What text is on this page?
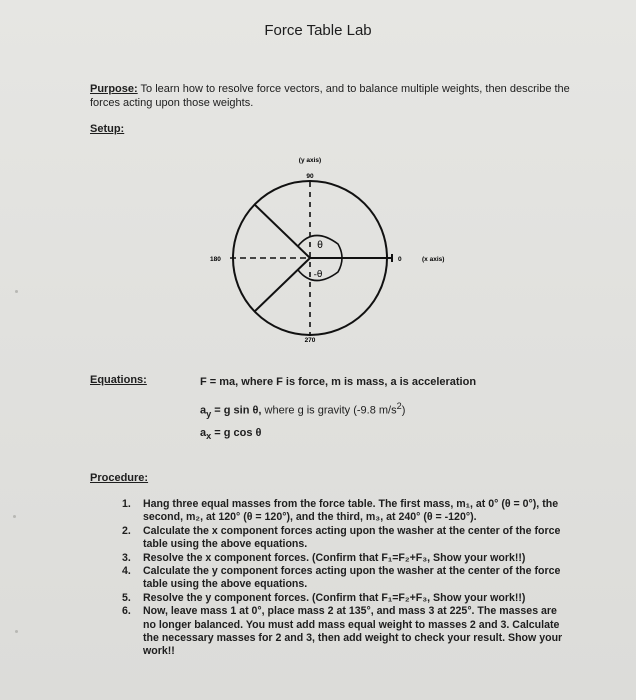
Force Table Lab
Purpose: To learn how to resolve force vectors, and to balance multiple weights, then describe the forces acting upon those weights.
Setup:
(y axis)
90
θ
-θ
0	(x axis)
180
270
Equations:	F = ma, where F is force, m is mass, a is acceleration
$a_y = g$ sin θ, where g is gravity (-9.8 $m/s^2$)
$a_x = g$ cos θ
Procedure:
1. Hang three equal masses from the force table. The first mass, m₁, at 0° (θ = 0°), the second, m₂, at 120° (θ = 120°), and the third, m₃, at 240° (θ = -120°).
2. Calculate the x component forces acting upon the washer at the center of the force table using the above equations.
3. Resolve the x component forces. (Confirm that F₁=F₂+F₃, Show your work!!)
4. Calculate the y component forces acting upon the washer at the center of the force table using the above equations.
5. Resolve the y component forces. (Confirm that F₁=F₂+F₃, Show your work!!)
6. Now, leave mass 1 at 0°, place mass 2 at 135°, and mass 3 at 225°. The masses are no longer balanced. You must add mass equal weight to masses 2 and 3. Calculate the necessary masses for 2 and 3, then add weight to check your result. Show your work!!
